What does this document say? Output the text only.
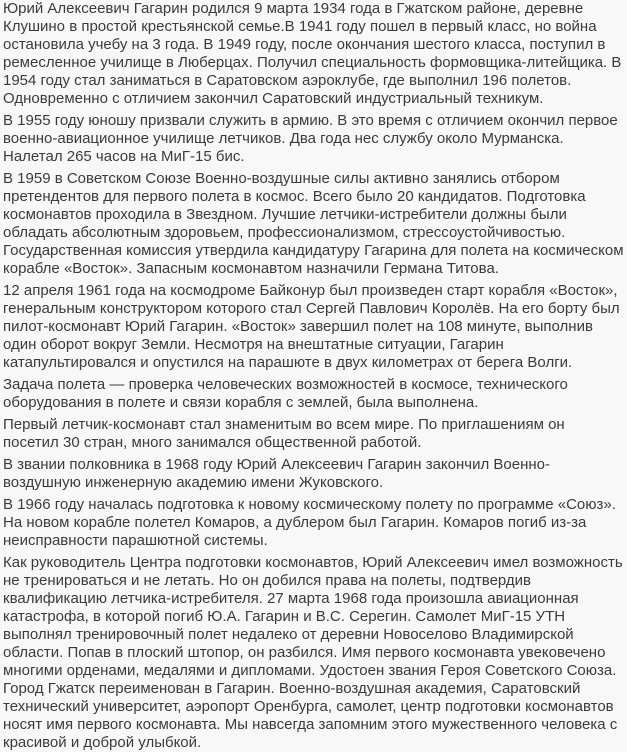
Юрий Алексеевич Гагарин родился 9 марта 1934 года в Гжатском районе, деревне Клушино в простой крестьянской семье.В 1941 году пошел в первый класс, но война остановила учебу на 3 года. В 1949 году, после окончания шестого класса, поступил в ремесленное училище в Люберцах. Получил специальность формовщика-литейщика. В 1954 году стал заниматься в Саратовском аэроклубе, где выполнил 196 полетов. Одновременно с отличием закончил Саратовский индустриальный техникум.

В 1955 году юношу призвали служить в армию. В это время с отличием окончил первое военно-авиационное училище летчиков. Два года нес службу около Мурманска. Налетал 265 часов на МиГ-15 бис.

В 1959 в Советском Союзе Военно-воздушные силы активно занялись отбором претендентов для первого полета в космос. Всего было 20 кандидатов. Подготовка космонавтов проходила в Звездном. Лучшие летчики-истребители должны были обладать абсолютным здоровьем, профессионализмом, стрессоустойчивостью. Государственная комиссия утвердила кандидатуру Гагарина для полета на космическом корабле «Восток». Запасным космонавтом назначили Германа Титова.

12 апреля 1961 года на космодроме Байконур был произведен старт корабля «Восток», генеральным конструктором которого стал Сергей Павлович Королёв. На его борту был пилот-космонавт Юрий Гагарин. «Восток» завершил полет на 108 минуте, выполнив один оборот вокруг Земли. Несмотря на внештатные ситуации, Гагарин катапультировался и опустился на парашюте в двух километрах от берега Волги.

Задача полета — проверка человеческих возможностей в космосе, технического оборудования в полете и связи корабля с землей, была выполнена.

Первый летчик-космонавт стал знаменитым во всем мире. По приглашениям он посетил 30 стран, много занимался общественной работой.

В звании полковника в 1968 году Юрий Алексеевич Гагарин закончил Военно-воздушную инженерную академию имени Жуковского.

В 1966 году началась подготовка к новому космическому полету по программе «Союз». На новом корабле полетел Комаров, а дублером был Гагарин. Комаров погиб из-за неисправности парашютной системы.

Как руководитель Центра подготовки космонавтов, Юрий Алексеевич имел возможность не тренироваться и не летать. Но он добился права на полеты, подтвердив квалификацию летчика-истребителя. 27 марта 1968 года произошла авиационная катастрофа, в которой погиб Ю.А. Гагарин и В.С. Серегин. Самолет МиГ-15 УТН выполнял тренировочный полет недалеко от деревни Новоселово Владимирской области. Попав в плоский штопор, он разбился. Имя первого космонавта увековечено многими орденами, медалями и дипломами. Удостоен звания Героя Советского Союза. Город Гжатск переименован в Гагарин. Военно-воздушная академия, Саратовский технический университет, аэропорт Оренбурга, самолет, центр подготовки космонавтов носят имя первого космонавта. Мы навсегда запомним этого мужественного человека с красивой и доброй улыбкой.
